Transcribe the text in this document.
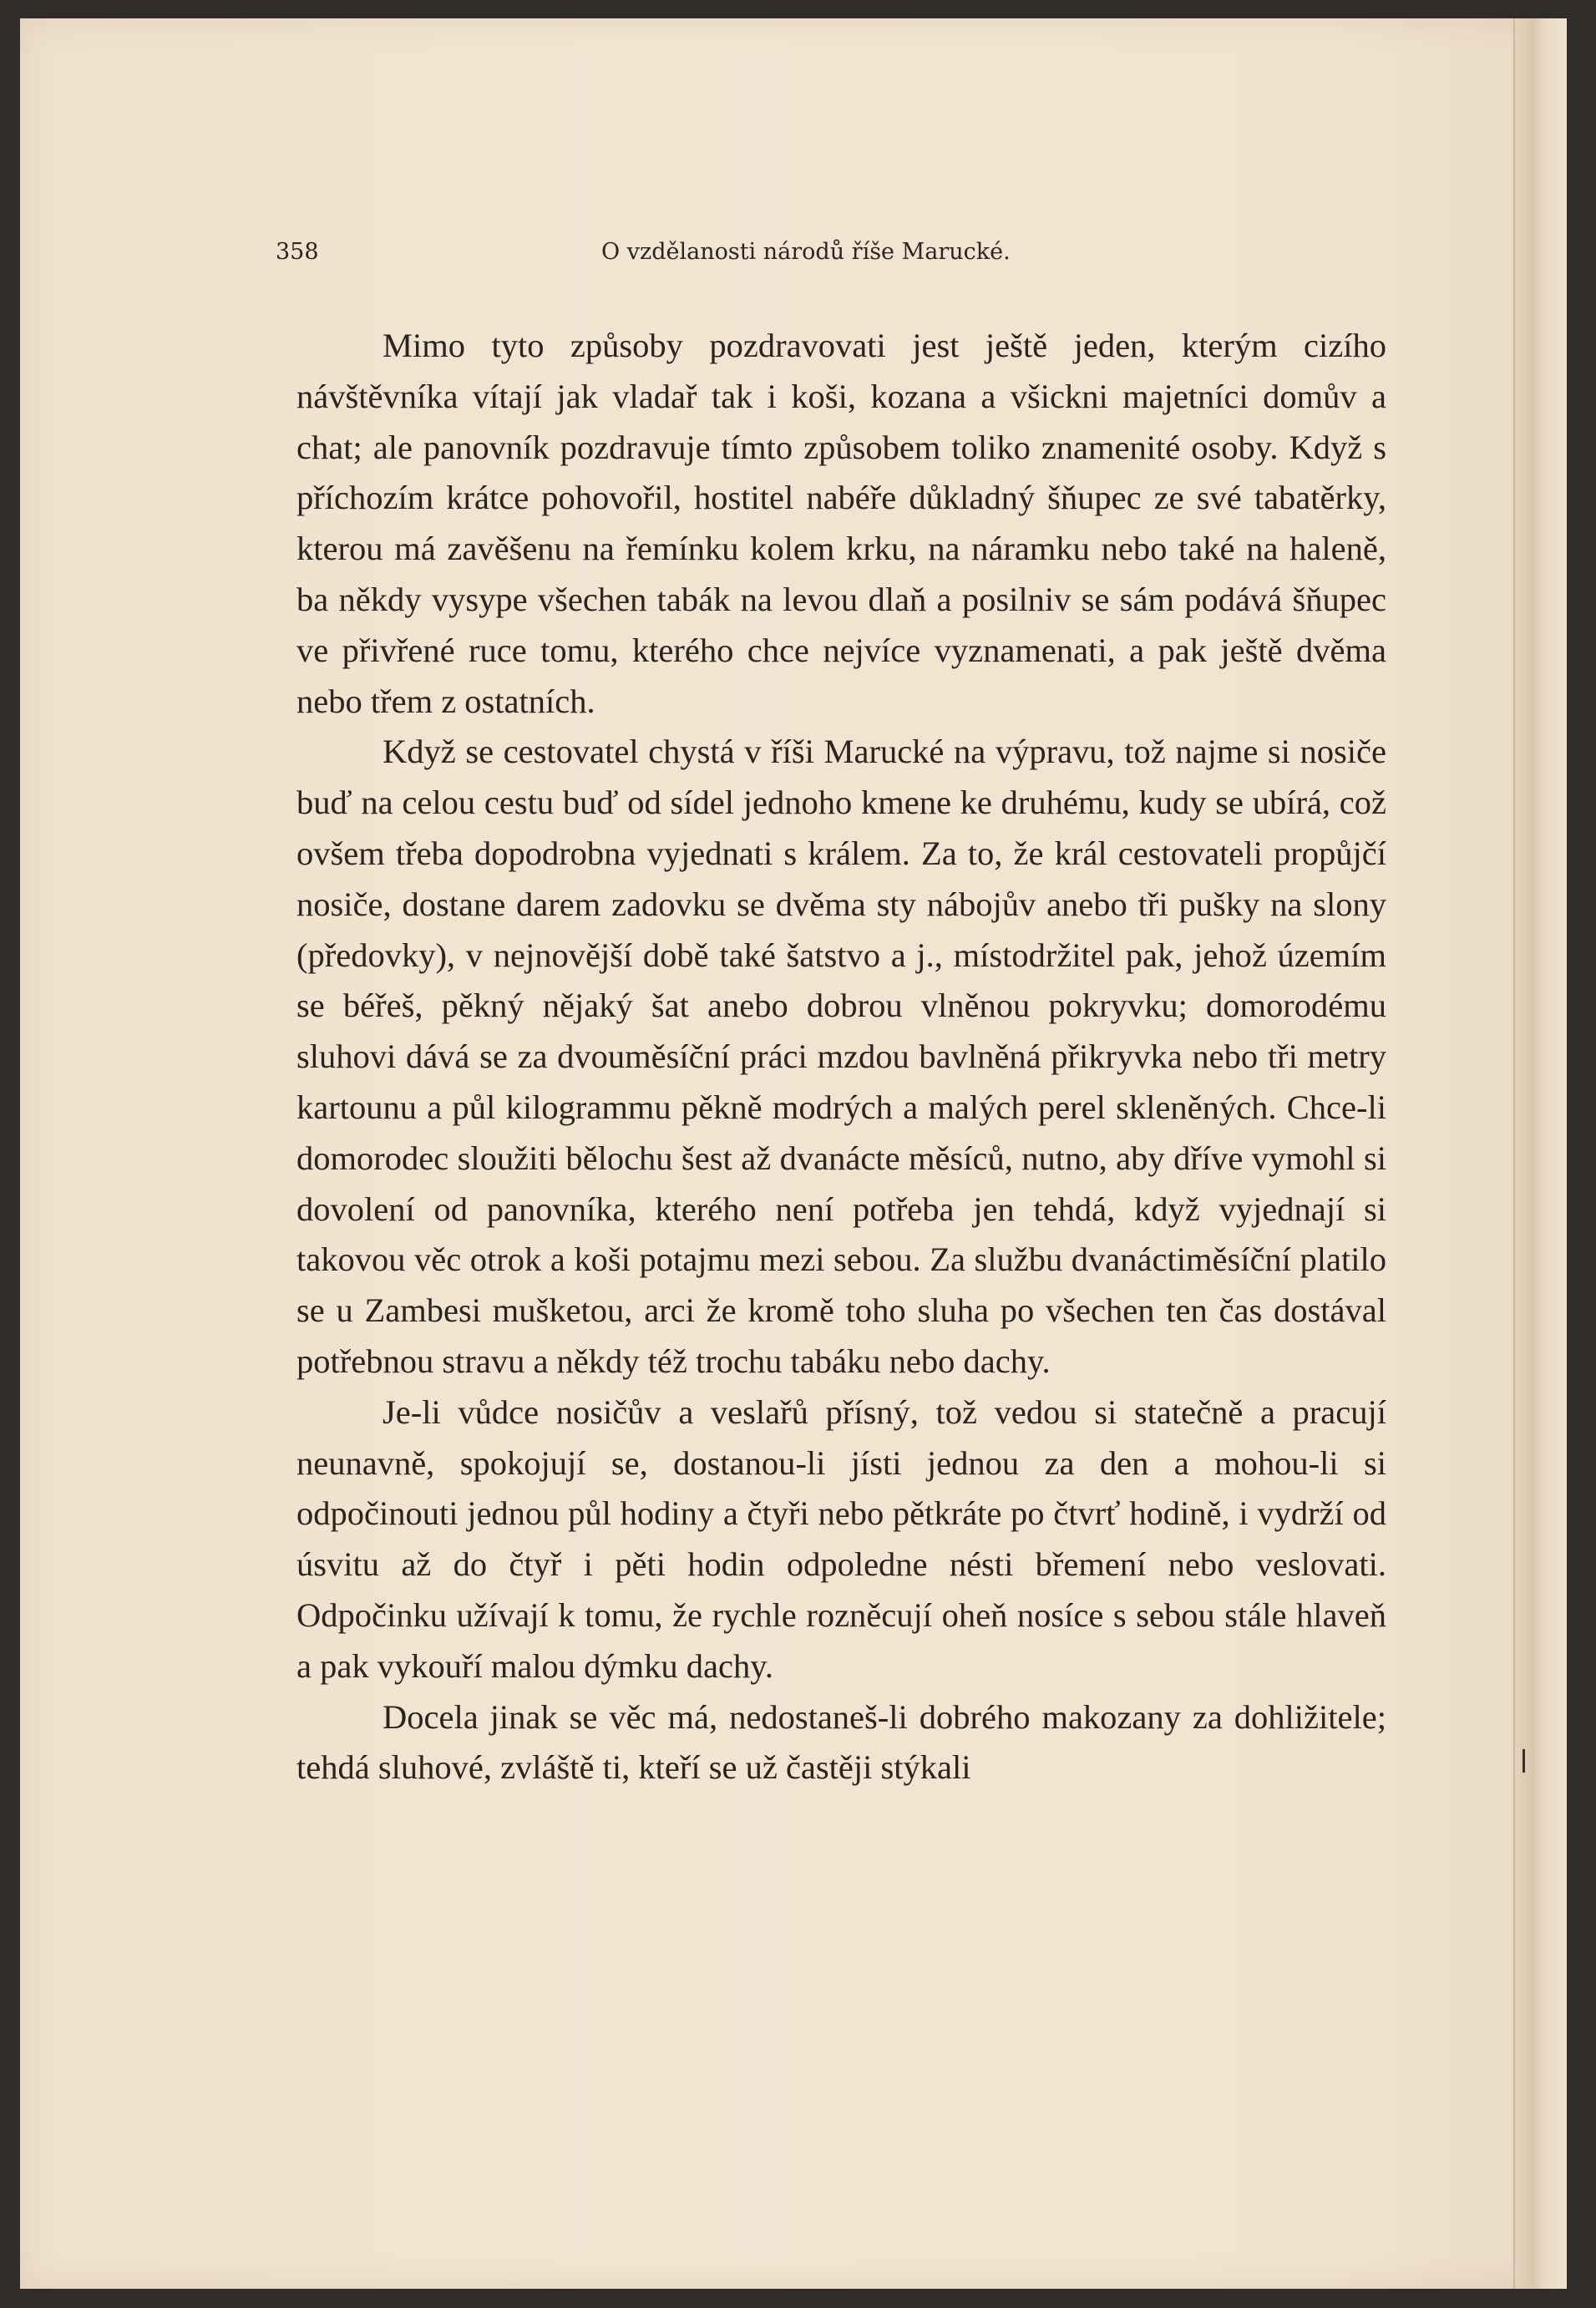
358	O vzdělanosti národů říše Marucké.

Mimo tyto způsoby pozdravovati jest ještě jeden, kterým cizího návštěvníka vítají jak vladař tak i koši, kozana a všickni majetníci domův a chat; ale panovník pozdravuje tímto způsobem toliko znamenité osoby. Když s příchozím krátce pohovořil, hostitel nabéře důkladný šňupec ze své tabatěrky, kterou má zavěšenu na řemínku kolem krku, na náramku nebo také na haleně, ba někdy vysype všechen tabák na levou dlaň a posilniv se sám podává šňupec ve přivřené ruce tomu, kterého chce nejvíce vyznamenati, a pak ještě dvěma nebo třem z ostatních.

Když se cestovatel chystá v říši Marucké na výpravu, tož najme si nosiče buď na celou cestu buď od sídel jednoho kmene ke druhému, kudy se ubírá, což ovšem třeba dopodrobna vyjednati s králem. Za to, že král cestovateli propůjčí nosiče, dostane darem zadovku se dvěma sty nábojův anebo tři pušky na slony (předovky), v nejnovější době také šatstvo a j., místodržitel pak, jehož územím se béřeš, pěkný nějaký šat anebo dobrou vlněnou pokryvku; domorodému sluhovi dává se za dvouměsíční práci mzdou bavlněná přikryvka nebo tři metry kartounu a půl kilogrammu pěkně modrých a malých perel skleněných. Chce-li domorodec sloužiti bělochu šest až dvanácte měsíců, nutno, aby dříve vymohl si dovolení od panovníka, kterého není potřeba jen tehdá, když vyjednají si takovou věc otrok a koši potajmu mezi sebou. Za službu dvanáctiměsíční platilo se u Zambesi mušketou, arci že kromě toho sluha po všechen ten čas dostával potřebnou stravu a někdy též trochu tabáku nebo dachy.

Je-li vůdce nosičův a veslařů přísný, tož vedou si statečně a pracují neunavně, spokojují se, dostanou-li jísti jednou za den a mohou-li si odpočinouti jednou půl hodiny a čtyři nebo pětkráte po čtvrť hodině, i vydrží od úsvitu až do čtyř i pěti hodin odpoledne nésti břemení nebo veslovati. Odpočinku užívají k tomu, že rychle rozněcují oheň nosíce s sebou stále hlaveň a pak vykouří malou dýmku dachy.

Docela jinak se věc má, nedostaneš-li dobrého makozany za dohližitele; tehdá sluhové, zvláště ti, kteří se už častěji stýkali
